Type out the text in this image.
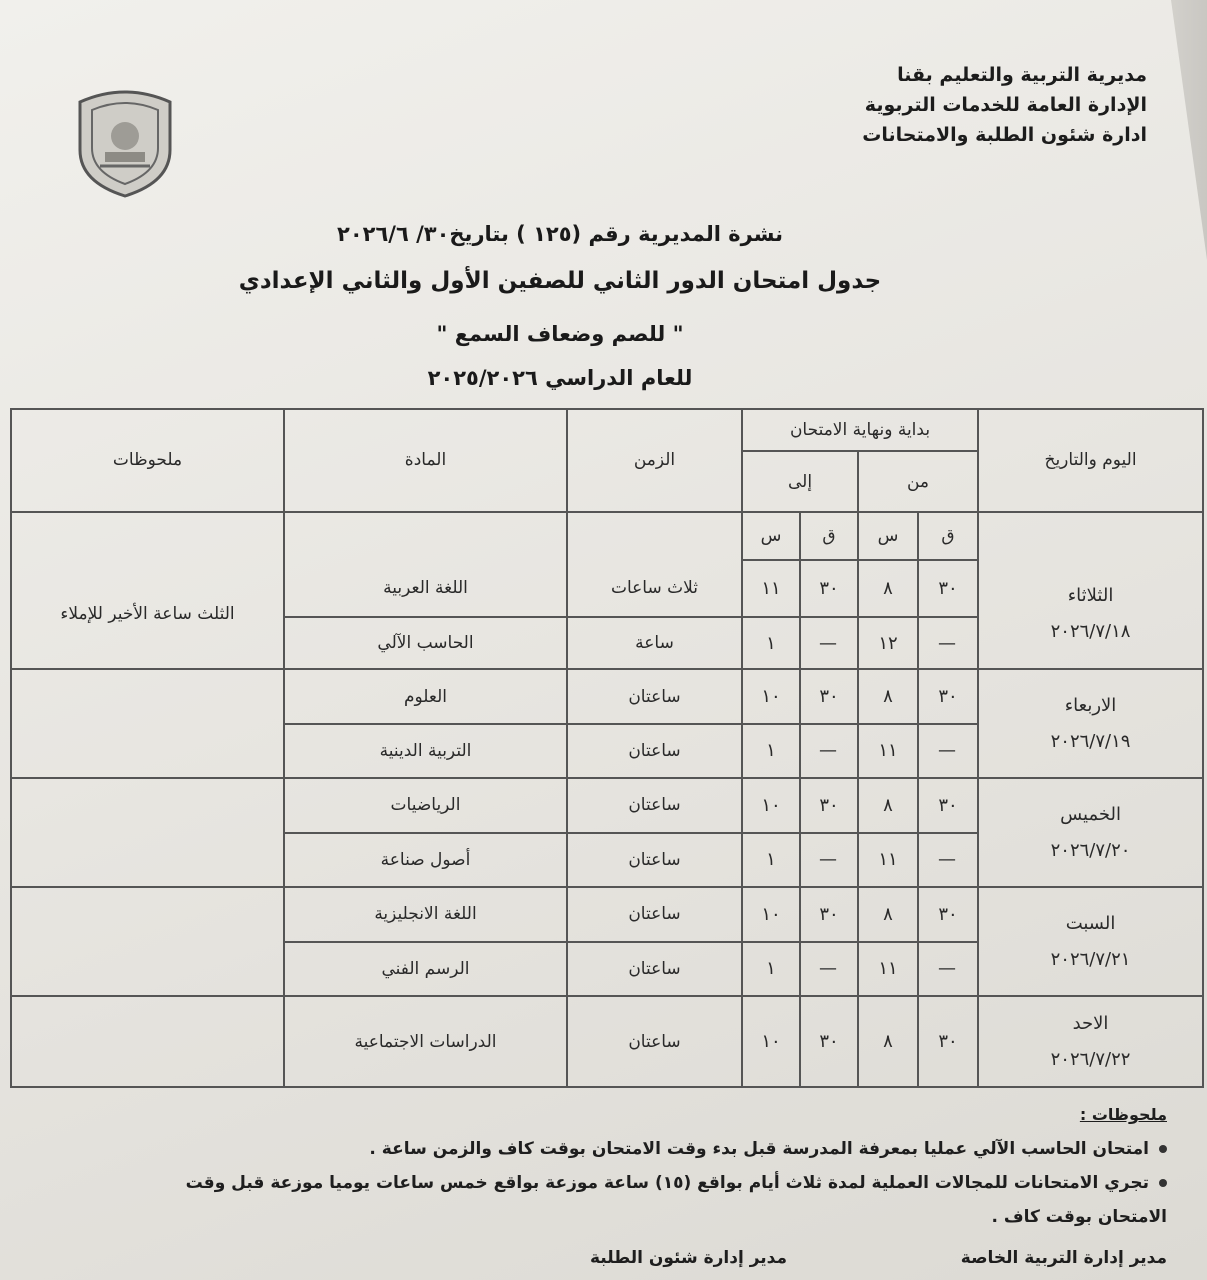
مديرية التربية والتعليم بقنا
الإدارة العامة للخدمات التربوية
ادارة شئون الطلبة والامتحانات
نشرة المديرية رقم (١٢٥ ) بتاريخ٣٠/ ٢٠٢٦/٦
جدول امتحان الدور الثاني للصفين الأول والثاني الإعدادي
" للصم وضعاف السمع "
للعام الدراسي ٢٠٢٥/٢٠٢٦
اليوم والتاريخ	بداية ونهاية الامتحان				الزمن	المادة	ملحوظات
	من		إلى				
	ق	س	ق	س			

الثلاثاء
٢٠٢٦/٧/١٨	٣٠	٨	٣٠	١١	ثلاث ساعات	اللغة العربية	الثلث ساعة الأخير للإملاء
	—	١٢	—	١	ساعة	الحاسب الآلي	

الاربعاء
٢٠٢٦/٧/١٩	٣٠	٨	٣٠	١٠	ساعتان	العلوم	
	—	١١	—	١	ساعتان	التربية الدينية	

الخميس
٢٠٢٦/٧/٢٠	٣٠	٨	٣٠	١٠	ساعتان	الرياضيات	
	—	١١	—	١	ساعتان	أصول صناعة	

السبت
٢٠٢٦/٧/٢١	٣٠	٨	٣٠	١٠	ساعتان	اللغة الانجليزية	
	—	١١	—	١	ساعتان	الرسم الفني	

الاحد
٢٠٢٦/٧/٢٢	٣٠	٨	٣٠	١٠	ساعتان	الدراسات الاجتماعية	
ملحوظات :
امتحان الحاسب الآلي عمليا بمعرفة المدرسة قبل بدء وقت الامتحان بوقت كاف والزمن ساعة .
تجري الامتحانات للمجالات العملية لمدة ثلاث أيام بواقع (١٥) ساعة موزعة بواقع خمس ساعات يوميا موزعة قبل وقت
الامتحان بوقت كاف .
مدير إدارة التربية الخاصة
مدير إدارة شئون الطلبة
